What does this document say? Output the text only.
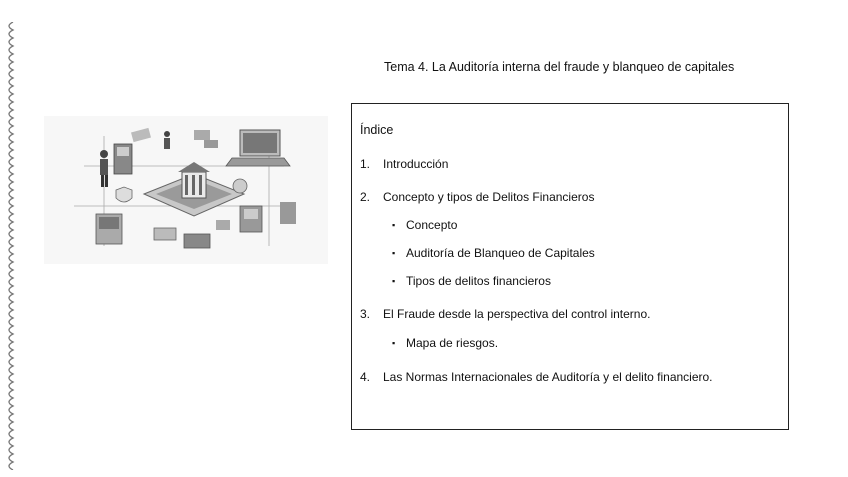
Tema 4. La Auditoría interna del fraude y blanqueo de capitales
Índice
1. Introducción
2. Concepto y tipos de Delitos Financieros
▪ Concepto
▪ Auditoría de Blanqueo de Capitales
▪ Tipos de delitos financieros
3. El Fraude desde la perspectiva del control interno.
▪ Mapa de riesgos.
4. Las Normas Internacionales de Auditoría y el delito financiero.
